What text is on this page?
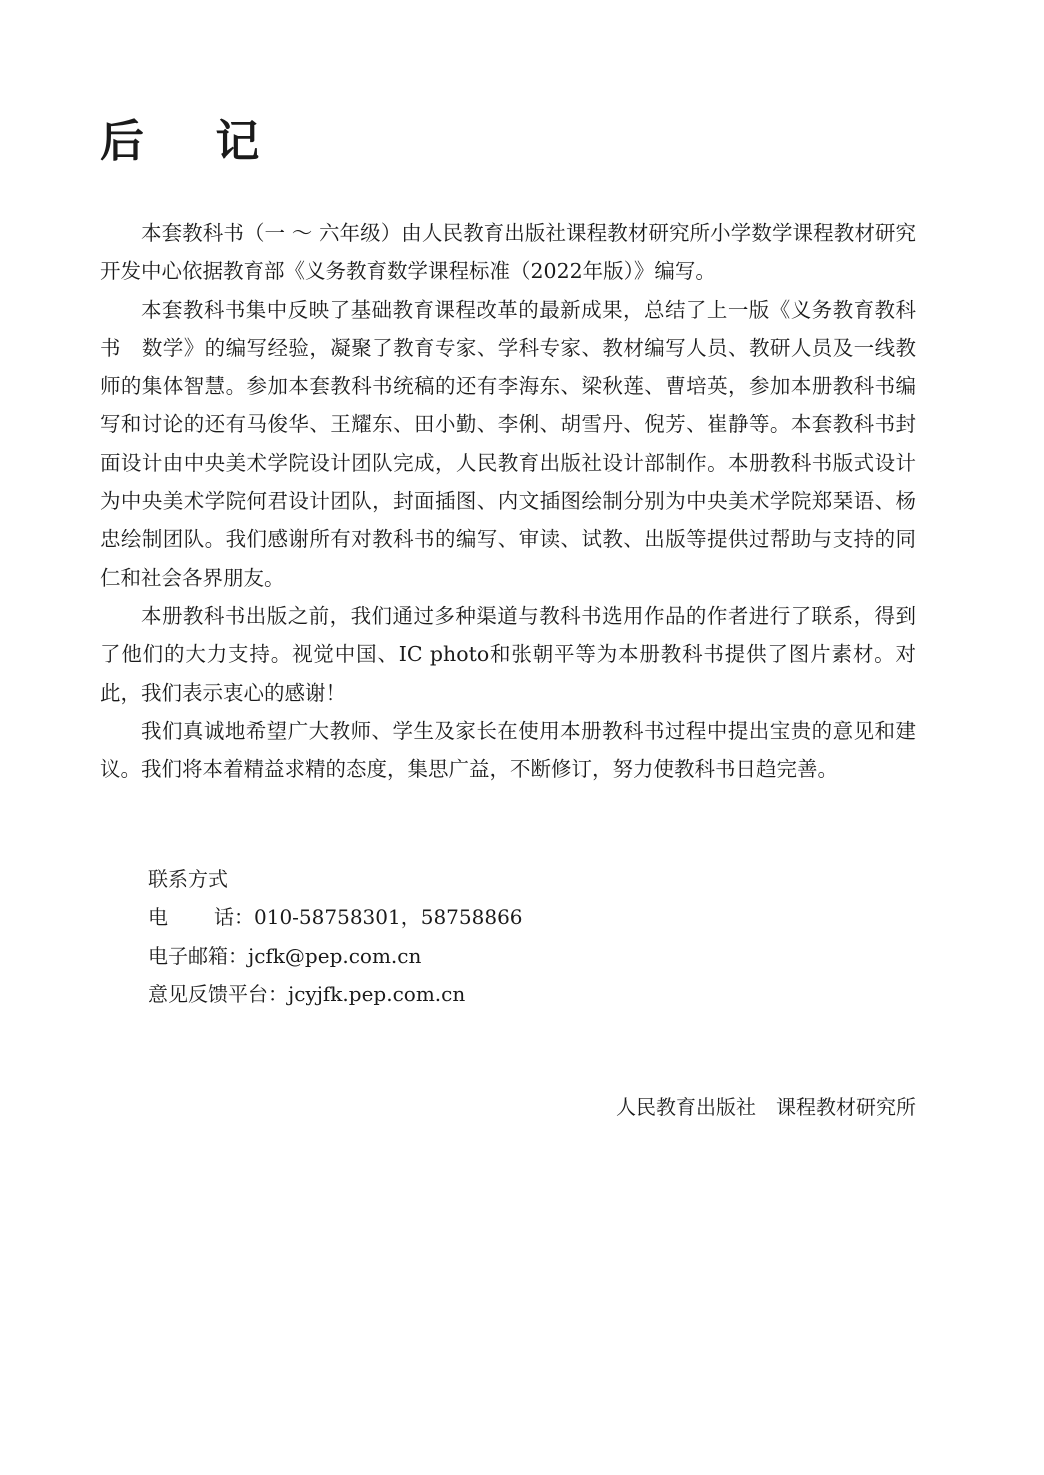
后 记

本套教科书（一 ～ 六年级）由人民教育出版社课程教材研究所小学数学课程教材研究开发中心依据教育部《义务教育数学课程标准（2022年版）》编写。

本套教科书集中反映了基础教育课程改革的最新成果，总结了上一版《义务教育教科书　数学》的编写经验，凝聚了教育专家、学科专家、教材编写人员、教研人员及一线教师的集体智慧。参加本套教科书统稿的还有李海东、梁秋莲、曹培英，参加本册教科书编写和讨论的还有马俊华、王耀东、田小勤、李俐、胡雪丹、倪芳、崔静等。本套教科书封面设计由中央美术学院设计团队完成，人民教育出版社设计部制作。本册教科书版式设计为中央美术学院何君设计团队，封面插图、内文插图绘制分别为中央美术学院郑琹语、杨忠绘制团队。我们感谢所有对教科书的编写、审读、试教、出版等提供过帮助与支持的同仁和社会各界朋友。

本册教科书出版之前，我们通过多种渠道与教科书选用作品的作者进行了联系，得到了他们的大力支持。视觉中国、IC photo和张朝平等为本册教科书提供了图片素材。对此，我们表示衷心的感谢！

我们真诚地希望广大教师、学生及家长在使用本册教科书过程中提出宝贵的意见和建议。我们将本着精益求精的态度，集思广益，不断修订，努力使教科书日趋完善。

联系方式
电话：010-58758301，58758866
电子邮箱：jcfk@pep.com.cn
意见反馈平台：jcyjfk.pep.com.cn
人民教育出版社 课程教材研究所
